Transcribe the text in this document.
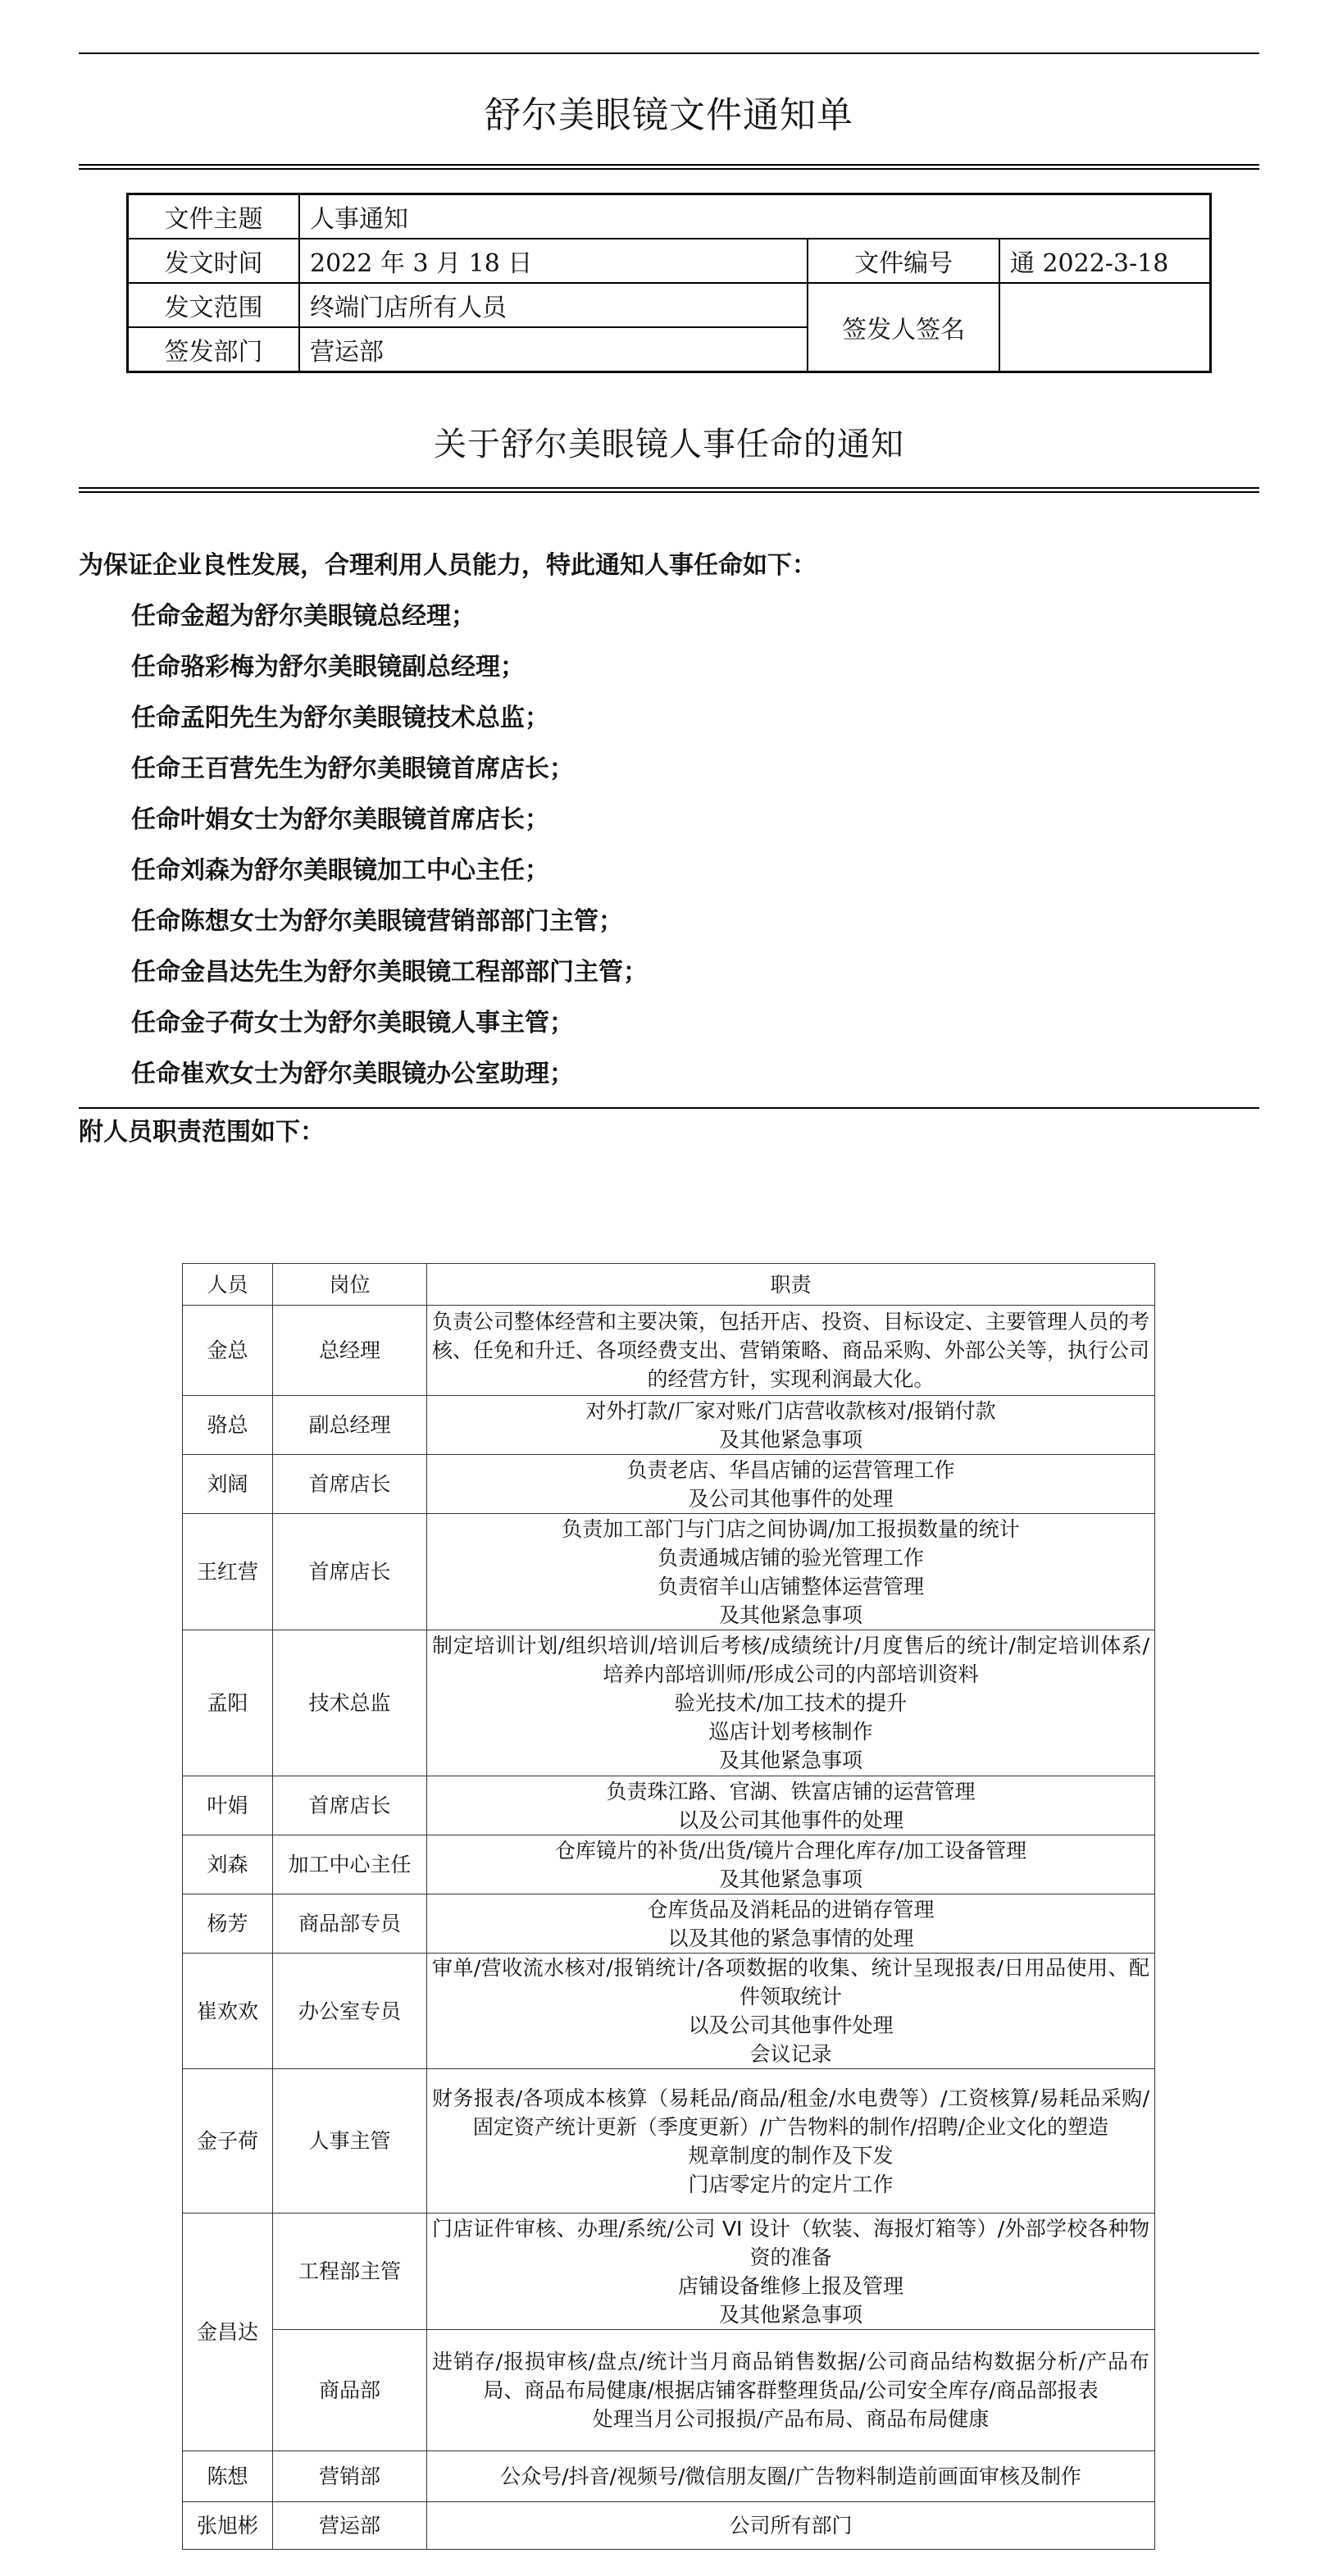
舒尔美眼镜文件通知单
文件主题	人事通知		
发文时间	2022 年 3 月 18 日	文件编号	通 2022-3-18
发文范围	终端门店所有人员	签发人签名	
签发部门	营运部		
关于舒尔美眼镜人事任命的通知
为保证企业良性发展，合理利用人员能力，特此通知人事任命如下：
任命金超为舒尔美眼镜总经理；
任命骆彩梅为舒尔美眼镜副总经理；
任命孟阳先生为舒尔美眼镜技术总监；
任命王百营先生为舒尔美眼镜首席店长；
任命叶娟女士为舒尔美眼镜首席店长；
任命刘森为舒尔美眼镜加工中心主任；
任命陈想女士为舒尔美眼镜营销部部门主管；
任命金昌达先生为舒尔美眼镜工程部部门主管；
任命金子荷女士为舒尔美眼镜人事主管；
任命崔欢女士为舒尔美眼镜办公室助理；
附人员职责范围如下：
人员	岗位	职责
金总	总经理	负责公司整体经营和主要决策，包括开店、投资、目标设定、主要管理人员的考核、任免和升迁、各项经费支出、营销策略、商品采购、外部公关等，执行公司的经营方针，实现利润最大化。

骆总	副总经理	对外打款/厂家对账/门店营收款核对/报销付款
及其他紧急事项

刘阔	首席店长	负责老店、华昌店铺的运营管理工作
及公司其他事件的处理

王红营	首席店长	负责加工部门与门店之间协调/加工报损数量的统计
负责通城店铺的验光管理工作
负责宿羊山店铺整体运营管理
及其他紧急事项

孟阳	技术总监	制定培训计划/组织培训/培训后考核/成绩统计/月度售后的统计/制定培训体系/培养内部培训师/形成公司的内部培训资料
验光技术/加工技术的提升
巡店计划考核制作
及其他紧急事项

叶娟	首席店长	负责珠江路、官湖、铁富店铺的运营管理
以及公司其他事件的处理

刘森	加工中心主任	仓库镜片的补货/出货/镜片合理化库存/加工设备管理
及其他紧急事项

杨芳	商品部专员	仓库货品及消耗品的进销存管理
以及其他的紧急事情的处理

崔欢欢	办公室专员	审单/营收流水核对/报销统计/各项数据的收集、统计呈现报表/日用品使用、配件领取统计
以及公司其他事件处理
会议记录

金子荷	人事主管	财务报表/各项成本核算（易耗品/商品/租金/水电费等）/工资核算/易耗品采购/固定资产统计更新（季度更新）/广告物料的制作/招聘/企业文化的塑造
规章制度的制作及下发
门店零定片的定片工作

金昌达	工程部主管	门店证件审核、办理/系统/公司 VI 设计（软装、海报灯箱等）/外部学校各种物资的准备
店铺设备维修上报及管理
及其他紧急事项

	商品部	进销存/报损审核/盘点/统计当月商品销售数据/公司商品结构数据分析/产品布局、商品布局健康/根据店铺客群整理货品/公司安全库存/商品部报表
处理当月公司报损/产品布局、商品布局健康

陈想	营销部	公众号/抖音/视频号/微信朋友圈/广告物料制造前画面审核及制作

张旭彬	营运部	公司所有部门
